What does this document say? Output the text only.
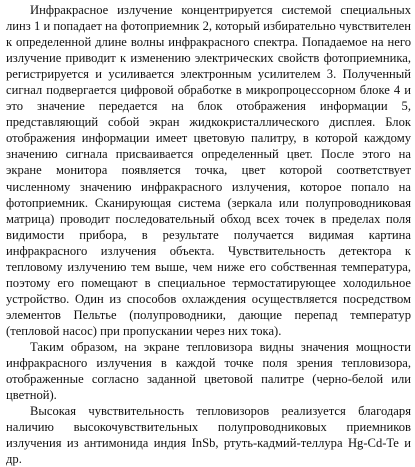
Инфракрасное излучение концентрируется системой специальных линз 1 и попадает на фотоприемник 2, который избирательно чувствителен к определенной длине волны инфракрасного спектра. Попадаемое на него излучение приводит к изменению электрических свойств фотоприемника, регистрируется и усиливается электронным усилителем 3. Полученный сигнал подвергается цифровой обработке в микропроцессорном блоке 4 и это значение передается на блок отображения информации 5, представляющий собой экран жидкокристаллического дисплея. Блок отображения информации имеет цветовую палитру, в которой каждому значению сигнала присваивается определенный цвет. После этого на экране монитора появляется точка, цвет которой соответствует численному значению инфракрасного излучения, которое попало на фотоприемник. Сканирующая система (зеркала или полупроводниковая матрица) проводит последовательный обход всех точек в пределах поля видимости прибора, в результате получается видимая картина инфракрасного излучения объекта. Чувствительность детектора к тепловому излучению тем выше, чем ниже его собственная температура, поэтому его помещают в специальное термостатирующее холодильное устройство. Один из способов охлаждения осуществляется посредством элементов Пельтье (полупроводники, дающие перепад температур (тепловой насос) при пропускании через них тока).

Таким образом, на экране тепловизора видны значения мощности инфракрасного излучения в каждой точке поля зрения тепловизора, отображенные согласно заданной цветовой палитре (черно-белой или цветной).

Высокая чувствительность тепловизоров реализуется благодаря наличию высокочувствительных полупроводниковых приемников излучения из антимонида индия InSb, ртуть-кадмий-теллура Hg-Cd-Te и др.
